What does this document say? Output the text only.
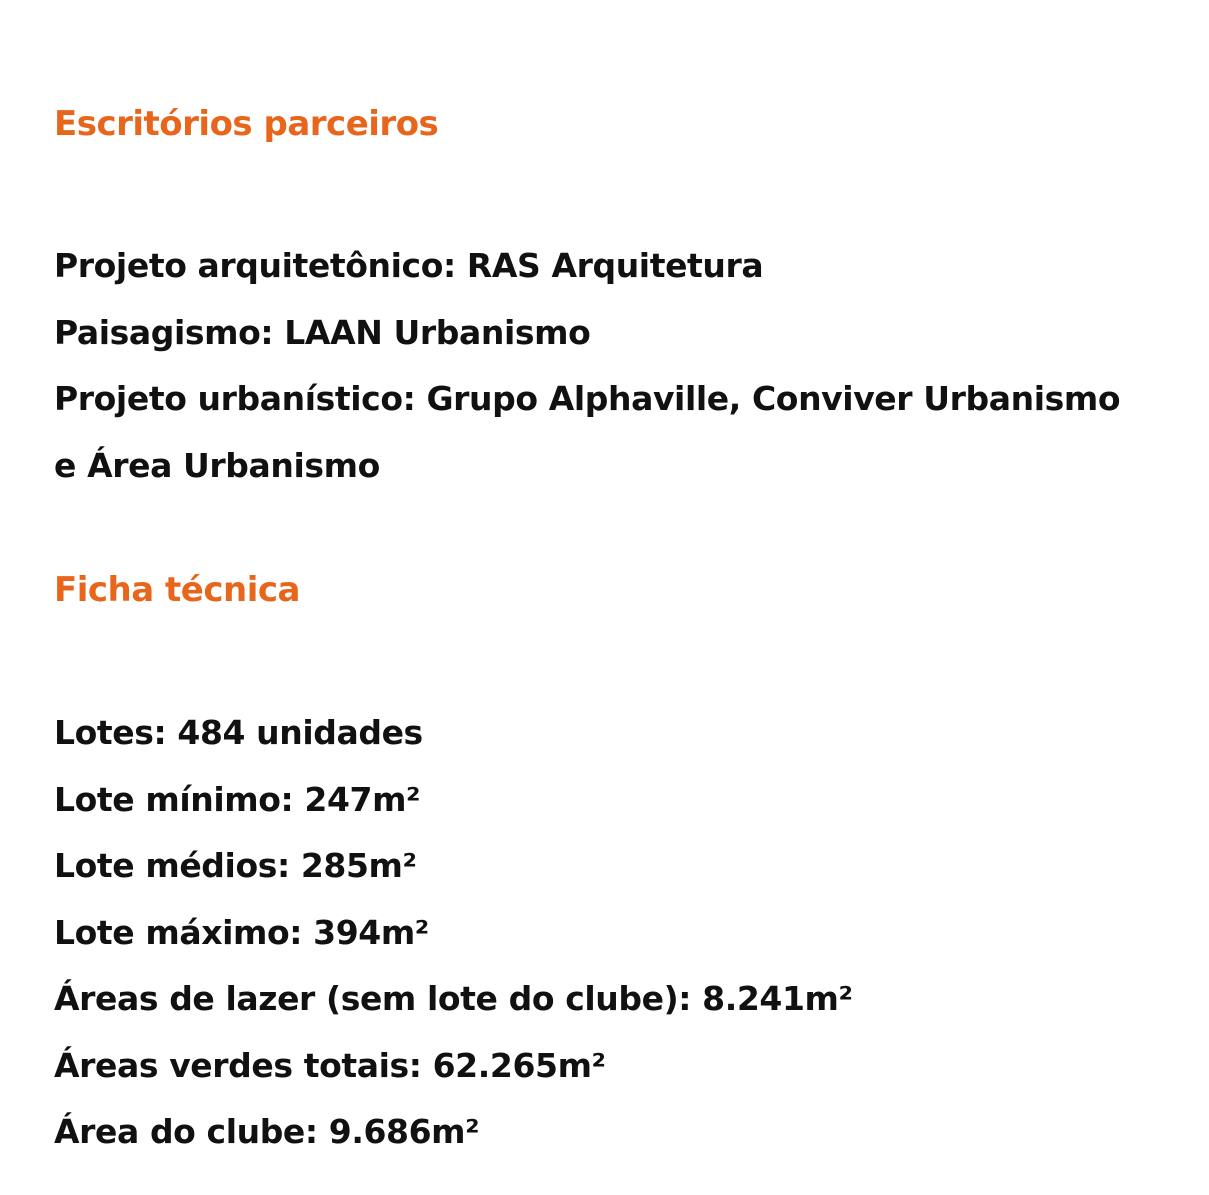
Escritórios parceiros
Projeto arquitetônico: RAS Arquitetura
Paisagismo: LAAN Urbanismo
Projeto urbanístico: Grupo Alphaville, Conviver Urbanismo
e Área Urbanismo
Ficha técnica
Lotes: 484 unidades
Lote mínimo: 247m²
Lote médios: 285m²
Lote máximo: 394m²
Áreas de lazer (sem lote do clube): 8.241m²
Áreas verdes totais: 62.265m²
Área do clube: 9.686m²
